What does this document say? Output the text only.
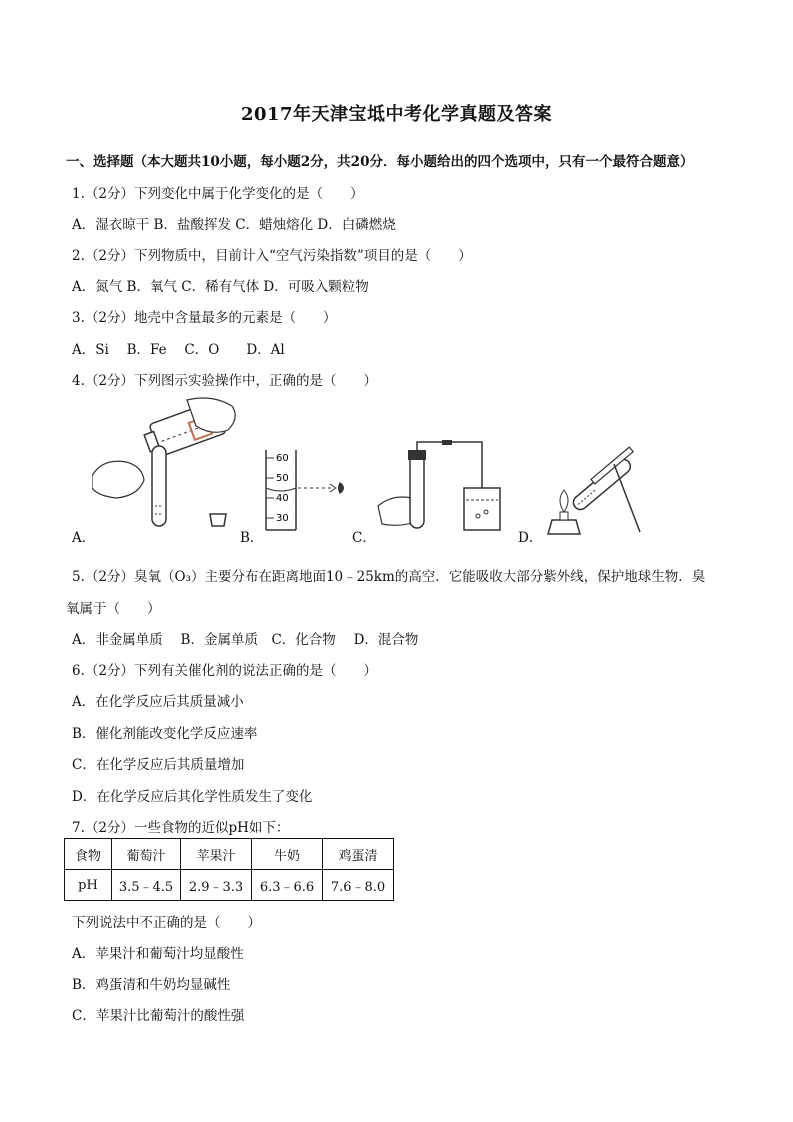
2017年天津宝坻中考化学真题及答案
一、选择题（本大题共10小题，每小题2分，共20分．每小题给出的四个选项中，只有一个最符合题意）
1.（2分）下列变化中属于化学变化的是（　　）
A．湿衣晾干 B．盐酸挥发 C．蜡烛熔化 D．白磷燃烧
2.（2分）下列物质中，目前计入“空气污染指数”项目的是（　　）
A．氮气 B．氧气 C．稀有气体 D．可吸入颗粒物
3.（2分）地壳中含量最多的元素是（　　）
A．Si　 B．Fe　 C．O　　D．Al
4.（2分）下列图示实验操作中，正确的是（　　）
A．
60
50
40
30
B．	C．	D．
5.（2分）臭氧（O₃）主要分布在距离地面10﹣25km的高空．它能吸收大部分紫外线，保护地球生物．臭
氧属于（　　）
A．非金属单质　 B．金属单质　C．化合物　 D．混合物
6.（2分）下列有关催化剂的说法正确的是（　　）
A．在化学反应后其质量减小
B．催化剂能改变化学反应速率
C．在化学反应后其质量增加
D．在化学反应后其化学性质发生了变化
7.（2分）一些食物的近似pH如下：
食物	葡萄汁	苹果汁	牛奶	鸡蛋清
pH	3.5﹣4.5	2.9﹣3.3	6.3﹣6.6	7.6﹣8.0
下列说法中不正确的是（　　）
A．苹果汁和葡萄汁均显酸性
B．鸡蛋清和牛奶均显碱性
C．苹果汁比葡萄汁的酸性强
